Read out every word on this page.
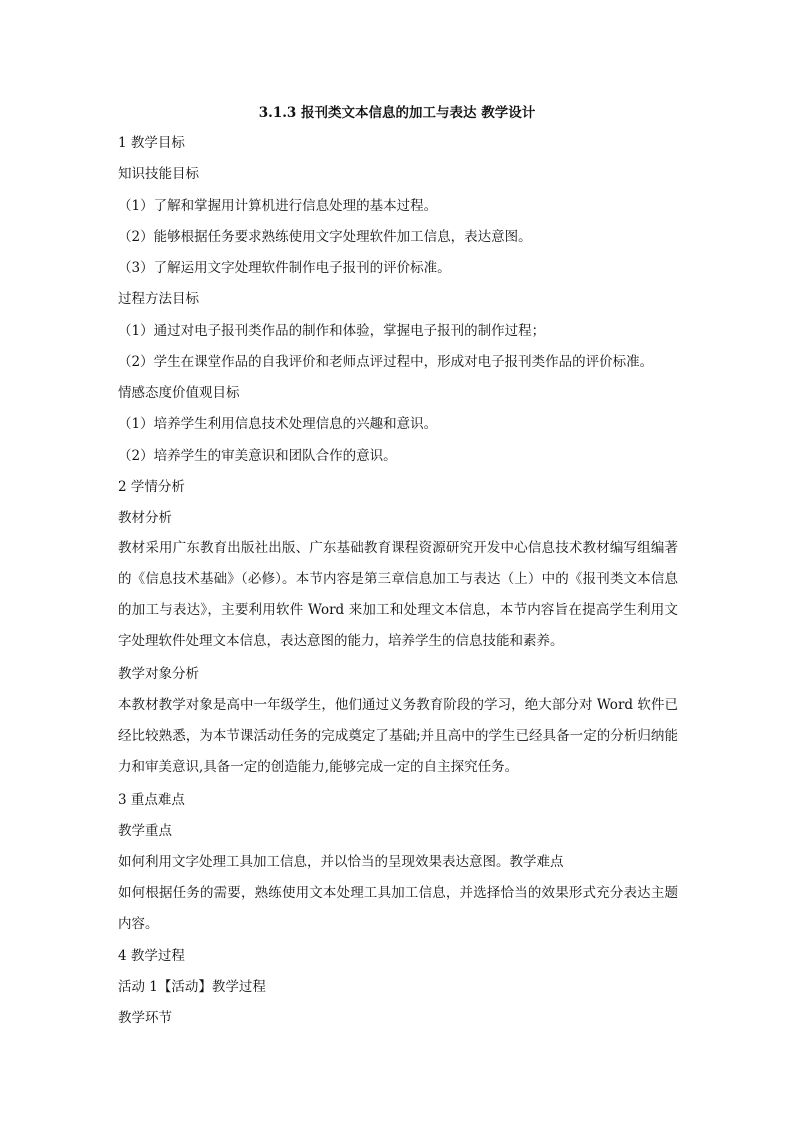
3.1.3 报刊类文本信息的加工与表达 教学设计
1 教学目标
知识技能目标
（1）了解和掌握用计算机进行信息处理的基本过程。
（2）能够根据任务要求熟练使用文字处理软件加工信息，表达意图。
（3）了解运用文字处理软件制作电子报刊的评价标准。
过程方法目标
（1）通过对电子报刊类作品的制作和体验，掌握电子报刊的制作过程；
（2）学生在课堂作品的自我评价和老师点评过程中，形成对电子报刊类作品的评价标准。
情感态度价值观目标
（1）培养学生利用信息技术处理信息的兴趣和意识。
（2）培养学生的审美意识和团队合作的意识。
2 学情分析
教材分析
教材采用广东教育出版社出版、广东基础教育课程资源研究开发中心信息技术教材编写组编著的《信息技术基础》（必修）。本节内容是第三章信息加工与表达（上）中的《报刊类文本信息的加工与表达》，主要利用软件 Word 来加工和处理文本信息，本节内容旨在提高学生利用文字处理软件处理文本信息，表达意图的能力，培养学生的信息技能和素养。
教学对象分析
本教材教学对象是高中一年级学生，他们通过义务教育阶段的学习，绝大部分对 Word 软件已经比较熟悉，为本节课活动任务的完成奠定了基础;并且高中的学生已经具备一定的分析归纳能力和审美意识,具备一定的创造能力,能够完成一定的自主探究任务。
3 重点难点
教学重点
如何利用文字处理工具加工信息，并以恰当的呈现效果表达意图。教学难点
如何根据任务的需要，熟练使用文本处理工具加工信息，并选择恰当的效果形式充分表达主题内容。
4 教学过程
活动 1【活动】教学过程
教学环节
